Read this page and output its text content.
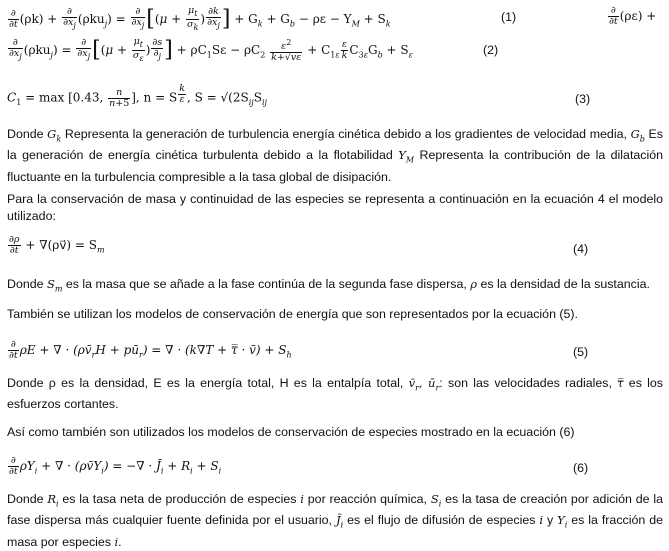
$\frac{\partial}{\partial t} (\rho k) + \frac{\partial}{\partial x_j} (\rho ku_j) = \frac{\partial}{\partial x_j} [(\mu + \frac{\mu_t}{\sigma_k}$ ) $\frac{\partial k}{\partial x_j}$ ] + $G_k + G_b - \rho\varepsilon - Y_M + S_k$	(1)	$\frac{\partial}{\partial t} (\rho\varepsilon)$ +
$\frac{\partial}{\partial x_j} (\rho ku_j) = \frac{\partial}{\partial x_j} [(\mu + \frac{\mu_t}{\sigma_\varepsilon}$ ) $\frac{\partial s}{\partial_j}$ ] + $\rho C_1S\varepsilon - \rho C_2 \frac{\varepsilon^2}{k+√v\varepsilon} + C_{1\varepsilon} \frac{\varepsilon}{k} C_{3\varepsilon}G_b + S_\varepsilon$	(2)
$C_1 = \max [0.43$, $\frac{n}{n+5}$ ], n = S $^{\frac{k}{\varepsilon}}$ , $S = √(2S_{ij}S_{ij}$	(3)
Donde $G_k$ Representa la generación de turbulencia energía cinética debido a los gradientes de velocidad media, $G_b$ Es la generación de energía cinética turbulenta debido a la flotabilidad $Y_M$ Representa la contribución de la dilatación fluctuante en la turbulencia compresible a la tasa global de disipación.
Para la conservación de masa y continuidad de las especies se representa a continuación en la ecuación 4 el modelo utilizado:
$\frac{\partial\rho}{\partial t}$ + ∇(ρv⃗) = $S_m$	(4)
Donde $S_m$ es la masa que se añade a la fase continúa de la segunda fase dispersa, ρ es la densidad de la sustancia.
También se utilizan los modelos de conservación de energía que son representados por la ecuación (5).
$\frac{\partial}{\partial t}$ ρE + ∇ · ($\rho v̄_rH$ + $pū_r$) = ∇ · (k∇T + τ̿ · v̄) + $S_h$	(5)
Donde ρ es la densidad, E es la energía total, H es la entalpía total, $v̄_r$, $ū_r$: son las velocidades radiales, τ̿ es los esfuerzos cortantes.
Así como también son utilizados los modelos de conservación de especies mostrado en la ecuación (6)
$\frac{\partial}{\partial t} \rho Y_i$ + ∇ · $(\rho v̄Y_i)$ = −∇ · $J̄_i + R_i + S_i$	(6)
Donde $R_i$ es la tasa neta de producción de especies i por reacción química, $S_i$ es la tasa de creación por adición de la fase dispersa más cualquier fuente definida por el usuario, $J̄_i$ es el flujo de difusión de especies i y $Y_i$ es la fracción de masa por especies i.
